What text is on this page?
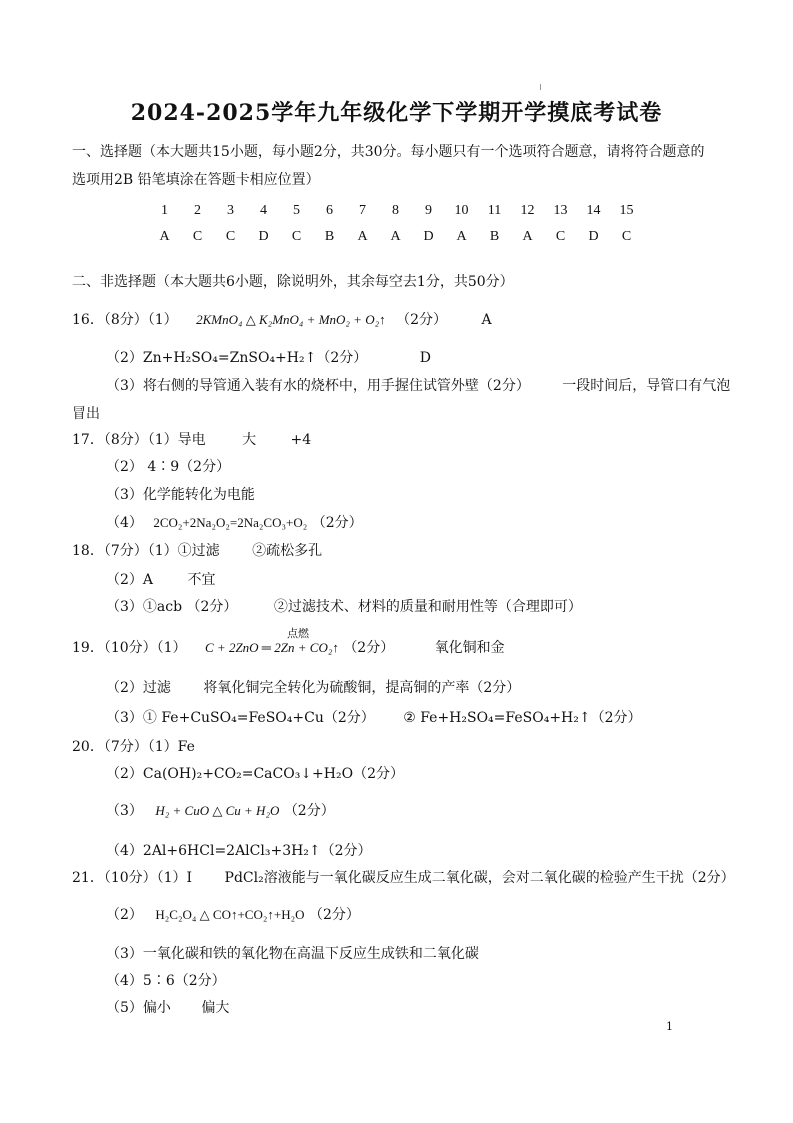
2024-2025学年九年级化学下学期开学摸底考试卷
一、选择题（本大题共15小题，每小题2分，共30分。每小题只有一个选项符合题意，请将符合题意的
选项用2B 铅笔填涂在答题卡相应位置）
1	2	3	4	5	6	7	8	9	10	11	12	13	14	15
A	C	C	D	C	B	A	A	D	A	B	A	C	D	C
二、非选择题（本大题共6小题，除说明外，其余每空去1分，共50分）
16．（8分）（1） 2KMnO₄ △ K₂MnO₄ + MnO₂ + O₂↑ （2分） A
（2）Zn+H₂SO₄=ZnSO₄+H₂↑（2分）	D
（3）将右侧的导管通入装有水的烧杯中，用手握住试管外壁（2分） 一段时间后，导管口有气泡
冒出
17．（8分）（1）导电	大 +4
（2） 4∶9（2分）
（3）化学能转化为电能
（4） 2CO₂+2Na₂O₂=2Na₂CO₃+O₂ （2分）
18．（7分）（1）①过滤 ②疏松多孔
（2）A 不宜
（3）①acb （2分）	②过滤技术、材料的质量和耐用性等（合理即可）
19．（10分）（1）
点燃
C + 2ZnO ═ 2Zn + CO₂↑ （2分）	氧化铜和金
（2）过滤 将氧化铜完全转化为硫酸铜，提高铜的产率（2分）
（3）① Fe+CuSO₄=FeSO₄+Cu（2分） ② Fe+H₂SO₄=FeSO₄+H₂↑（2分）
20．（7分）（1）Fe
（2）Ca(OH)₂+CO₂=CaCO₃↓+H₂O（2分）
（3） H₂ + CuO △ Cu + H₂O （2分）
（4）2Al+6HCl=2AlCl₃+3H₂↑（2分）
21．（10分）（1）I PdCl₂溶液能与一氧化碳反应生成二氧化碳，会对二氧化碳的检验产生干扰（2分）
（2） H₂C₂O₄ △ CO↑+CO₂↑+H₂O （2分）
（3）一氧化碳和铁的氧化物在高温下反应生成铁和二氧化碳
（4）5∶6（2分）
（5）偏小 偏大
1
